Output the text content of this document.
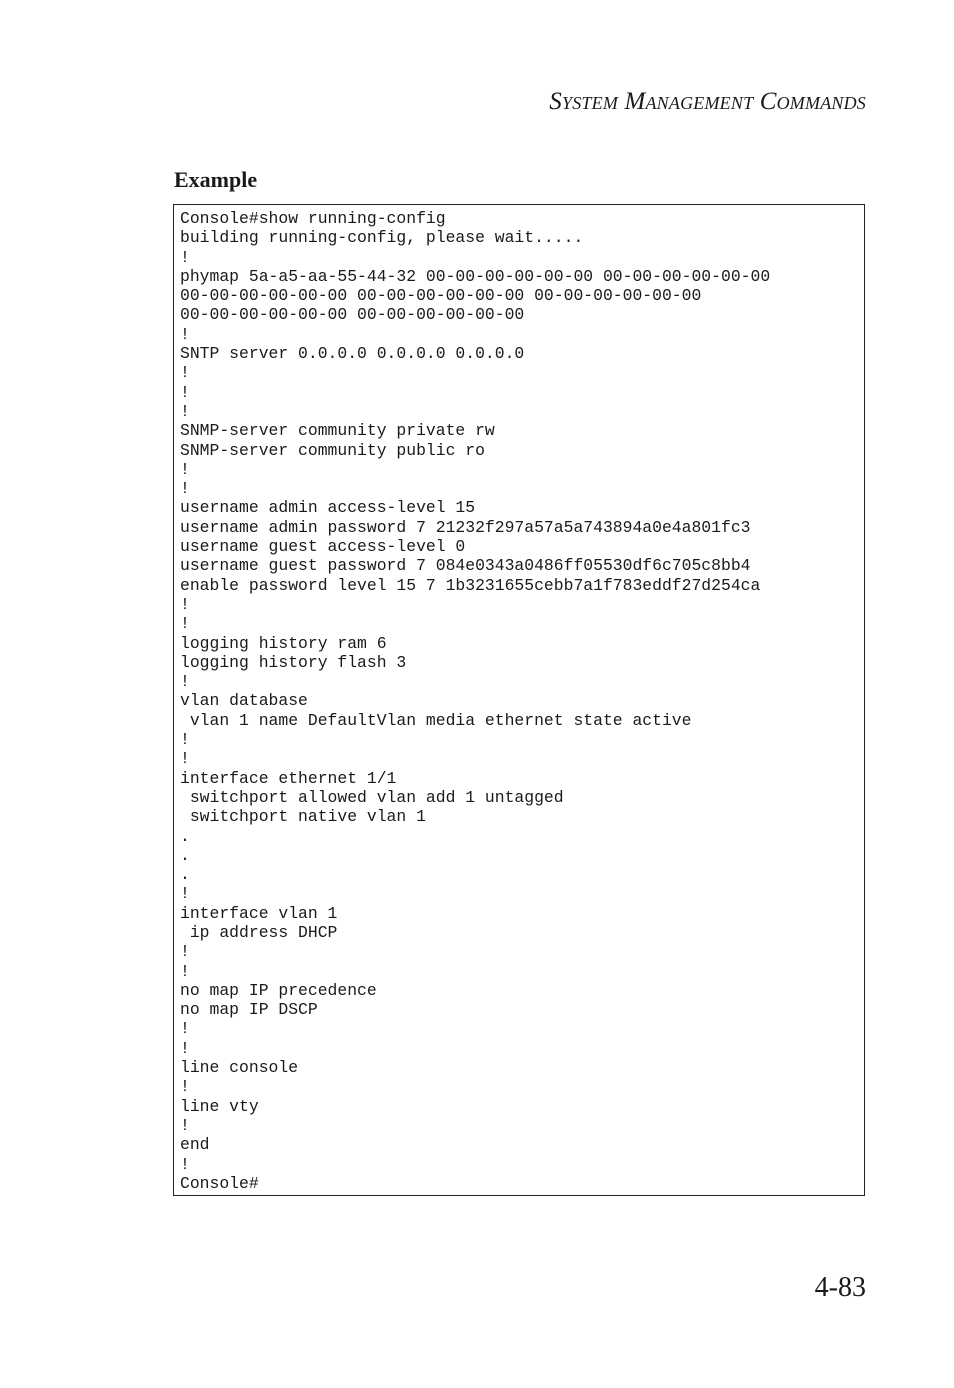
System Management Commands
Example
Console#show running-config
building running-config, please wait.....
!
phymap 5a-a5-aa-55-44-32 00-00-00-00-00-00 00-00-00-00-00-00
00-00-00-00-00-00 00-00-00-00-00-00 00-00-00-00-00-00
00-00-00-00-00-00 00-00-00-00-00-00
!
SNTP server 0.0.0.0 0.0.0.0 0.0.0.0
!
!
!
SNMP-server community private rw
SNMP-server community public ro
!
!
username admin access-level 15
username admin password 7 21232f297a57a5a743894a0e4a801fc3
username guest access-level 0
username guest password 7 084e0343a0486ff05530df6c705c8bb4
enable password level 15 7 1b3231655cebb7a1f783eddf27d254ca
!
!
logging history ram 6
logging history flash 3
!
vlan database
vlan 1 name DefaultVlan media ethernet state active
!
!
interface ethernet 1/1
switchport allowed vlan add 1 untagged
switchport native vlan 1
.
.
.
!
interface vlan 1
ip address DHCP
!
!
no map IP precedence
no map IP DSCP
!
!
line console
!
line vty
!
end
!
Console#
4-83
